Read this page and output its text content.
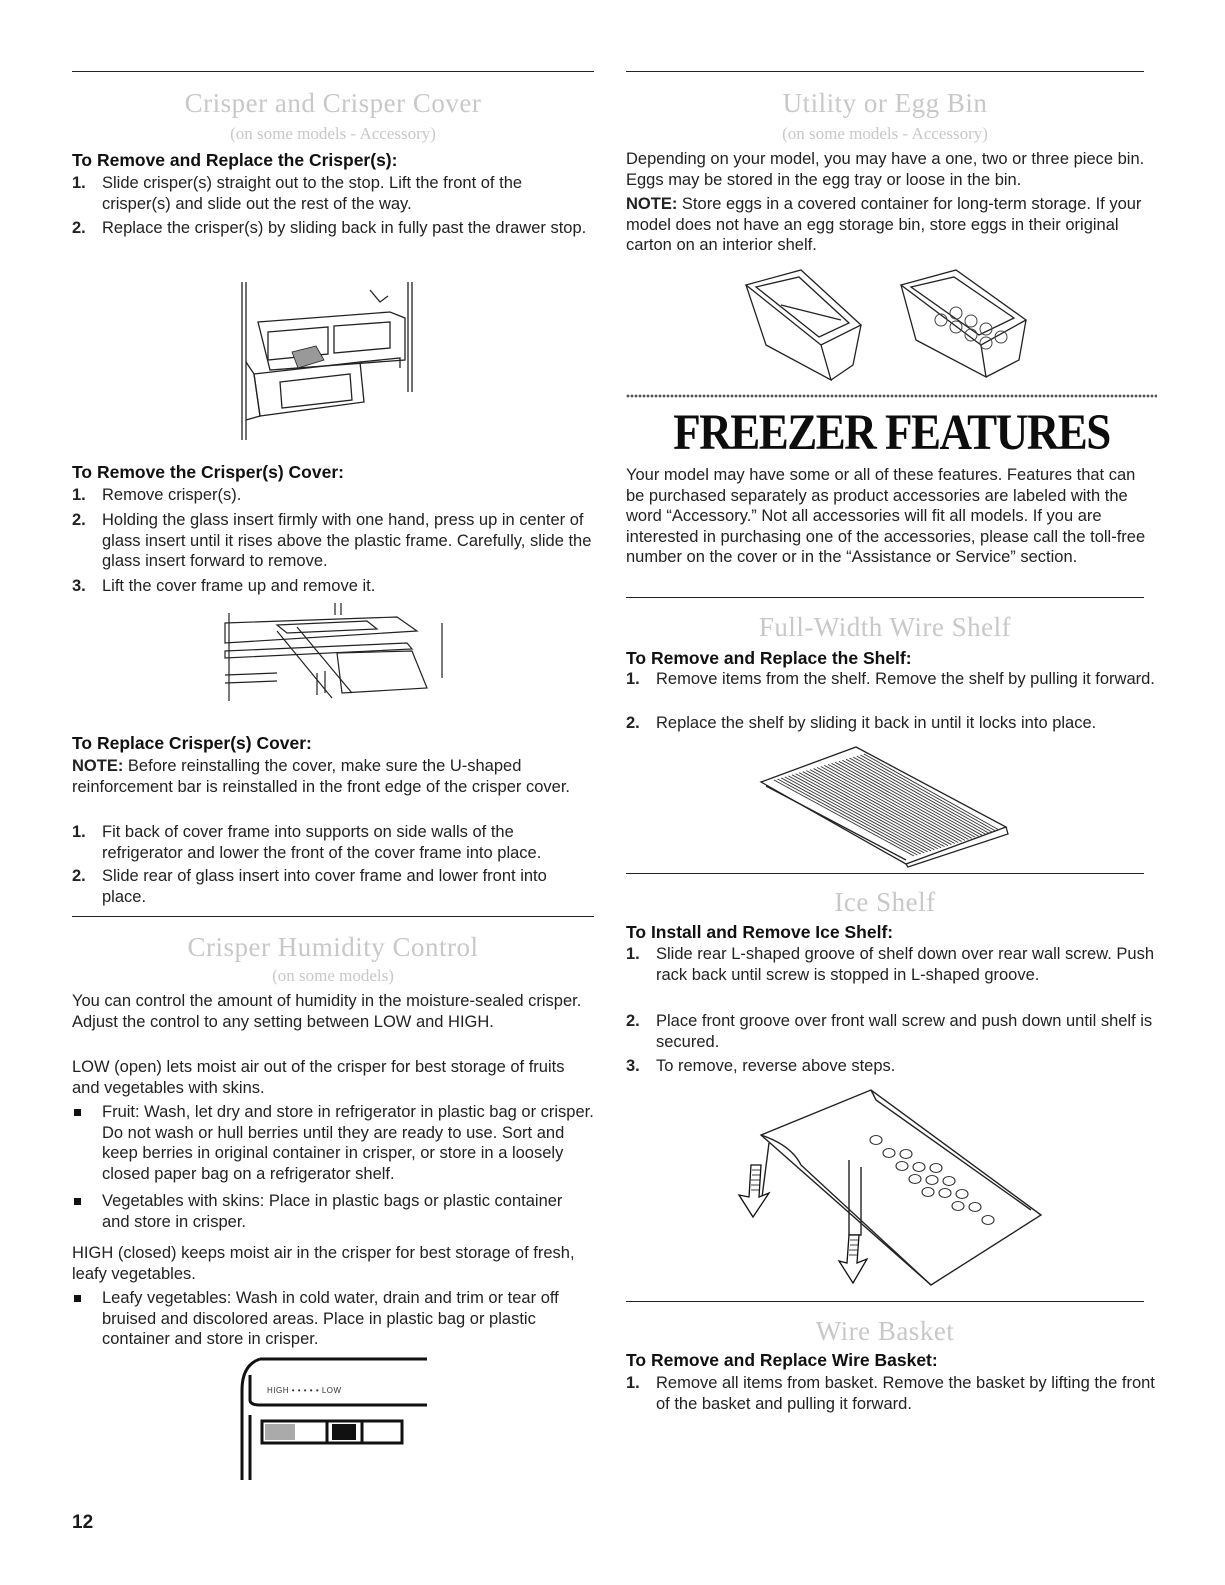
Crisper and Crisper Cover
(on some models - Accessory)
To Remove and Replace the Crisper(s):
1. Slide crisper(s) straight out to the stop. Lift the front of the crisper(s) and slide out the rest of the way.
2. Replace the crisper(s) by sliding back in fully past the drawer stop.
To Remove the Crisper(s) Cover:
1. Remove crisper(s).
2. Holding the glass insert firmly with one hand, press up in center of glass insert until it rises above the plastic frame. Carefully, slide the glass insert forward to remove.
3. Lift the cover frame up and remove it.
To Replace Crisper(s) Cover:
NOTE: Before reinstalling the cover, make sure the U-shaped reinforcement bar is reinstalled in the front edge of the crisper cover.
1. Fit back of cover frame into supports on side walls of the refrigerator and lower the front of the cover frame into place.
2. Slide rear of glass insert into cover frame and lower front into place.
Crisper Humidity Control
(on some models)
You can control the amount of humidity in the moisture-sealed crisper. Adjust the control to any setting between LOW and HIGH.
LOW (open) lets moist air out of the crisper for best storage of fruits and vegetables with skins.
Fruit: Wash, let dry and store in refrigerator in plastic bag or crisper. Do not wash or hull berries until they are ready to use. Sort and keep berries in original container in crisper, or store in a loosely closed paper bag on a refrigerator shelf.
Vegetables with skins: Place in plastic bags or plastic container and store in crisper.
HIGH (closed) keeps moist air in the crisper for best storage of fresh, leafy vegetables.
Leafy vegetables: Wash in cold water, drain and trim or tear off bruised and discolored areas. Place in plastic bag or plastic container and store in crisper.
HIGH • • • • • LOW
Utility or Egg Bin
(on some models - Accessory)
Depending on your model, you may have a one, two or three piece bin. Eggs may be stored in the egg tray or loose in the bin.
NOTE: Store eggs in a covered container for long-term storage. If your model does not have an egg storage bin, store eggs in their original carton on an interior shelf.
FREEZER FEATURES
Your model may have some or all of these features. Features that can be purchased separately as product accessories are labeled with the word “Accessory.” Not all accessories will fit all models. If you are interested in purchasing one of the accessories, please call the toll-free number on the cover or in the “Assistance or Service” section.
Full-Width Wire Shelf
To Remove and Replace the Shelf:
1. Remove items from the shelf. Remove the shelf by pulling it forward.
2. Replace the shelf by sliding it back in until it locks into place.
Ice Shelf
To Install and Remove Ice Shelf:
1. Slide rear L-shaped groove of shelf down over rear wall screw. Push rack back until screw is stopped in L-shaped groove.
2. Place front groove over front wall screw and push down until shelf is secured.
3. To remove, reverse above steps.
Wire Basket
To Remove and Replace Wire Basket:
1. Remove all items from basket. Remove the basket by lifting the front of the basket and pulling it forward.
12
